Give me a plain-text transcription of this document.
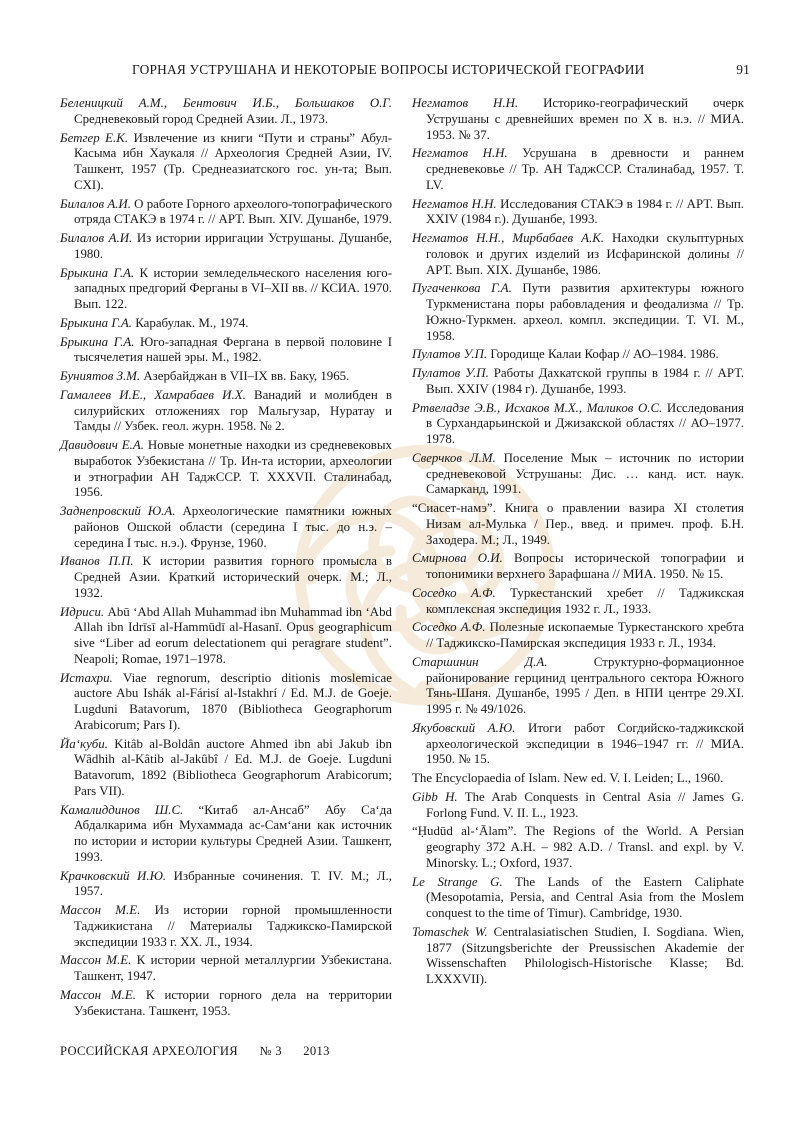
ГОРНАЯ УСТРУШАНА И НЕКОТОРЫЕ ВОПРОСЫ ИСТОРИЧЕСКОЙ ГЕОГРАФИИ	91

Беленицкий А.М., Бентович И.Б., Большаков О.Г. Средневековый город Средней Азии. Л., 1973.

Бетгер Е.К. Извлечение из книги “Пути и страны” Абул-Касыма ибн Хаукаля // Археология Средней Азии, IV. Ташкент, 1957 (Тр. Среднеазиатского гос. ун-та; Вып. CXI).

Билалов А.И. О работе Горного археолого-топографического отряда СТАКЭ в 1974 г. // АРТ. Вып. XIV. Душанбе, 1979.

Билалов А.И. Из истории ирригации Уструшаны. Душанбе, 1980.

Брыкина Г.А. К истории земледельческого населения юго-западных предгорий Ферганы в VI–XII вв. // КСИА. 1970. Вып. 122.

Брыкина Г.А. Карабулак. М., 1974.

Брыкина Г.А. Юго-западная Фергана в первой половине I тысячелетия нашей эры. М., 1982.

Буниятов З.М. Азербайджан в VII–IX вв. Баку, 1965.

Гамалеев И.Е., Хамрабаев И.Х. Ванадий и молибден в силурийских отложениях гор Мальгузар, Нуратау и Тамды // Узбек. геол. журн. 1958. № 2.

Давидович Е.А. Новые монетные находки из средневековых выработок Узбекистана // Тр. Ин-та истории, археологии и этнографии АН ТаджССР. Т. XXXVII. Сталинабад, 1956.

Заднепровский Ю.А. Археологические памятники южных районов Ошской области (середина I тыс. до н.э. – середина I тыс. н.э.). Фрунзе, 1960.

Иванов П.П. К истории развития горного промысла в Средней Азии. Краткий исторический очерк. М.; Л., 1932.

Идриси. Abū ‘Abd Allah Muhammad ibn Muhammad ibn ‘Abd Allah ibn Idrīsī al-Hammūdī al-Hasanī. Opus geographicum sive “Liber ad eorum delectationem qui peragrare student”. Neapoli; Romae, 1971–1978.

Истахри. Viae regnorum, descriptio ditionis moslemicae auctore Abu Ishák al-Fárisí al-Istakhrí / Ed. M.J. de Goeje. Lugduni Batavorum, 1870 (Bibliotheca Geographorum Arabicorum; Pars I).

Йа‘куби. Kitâb al-Boldân auctore Ahmed ibn abi Jakub ibn Wâdhih al-Kâtib al-Jakûbî / Ed. M.J. de Goeje. Lugduni Batavorum, 1892 (Bibliotheca Geographorum Arabicorum; Pars VII).

Камалиддинов Ш.С. “Китаб ал-Ансаб” Абу Са‘да Абдалкарима ибн Мухаммада ас-Сам‘ани как источник по истории и истории культуры Средней Азии. Ташкент, 1993.

Крачковский И.Ю. Избранные сочинения. Т. IV. М.; Л., 1957.

Массон М.Е. Из истории горной промышленности Таджикистана // Материалы Таджикско-Памирской экспедиции 1933 г. XX. Л., 1934.

Массон М.Е. К истории черной металлургии Узбекистана. Ташкент, 1947.

Массон М.Е. К истории горного дела на территории Узбекистана. Ташкент, 1953.

Негматов Н.Н. Историко-географический очерк Уструшаны с древнейших времен по X в. н.э. // МИА. 1953. № 37.

Негматов Н.Н. Усрушана в древности и раннем средневековье // Тр. АН ТаджССР. Сталинабад, 1957. Т. LV.

Негматов Н.Н. Исследования СТАКЭ в 1984 г. // АРТ. Вып. XXIV (1984 г.). Душанбе, 1993.

Негматов Н.Н., Мирбабаев А.К. Находки скульптурных головок и других изделий из Исфаринской долины // АРТ. Вып. XIX. Душанбе, 1986.

Пугаченкова Г.А. Пути развития архитектуры южного Туркменистана поры рабовладения и феодализма // Тр. Южно-Туркмен. археол. компл. экспедиции. Т. VI. М., 1958.

Пулатов У.П. Городище Калаи Кофар // АО–1984. 1986.

Пулатов У.П. Работы Дахкатской группы в 1984 г. // АРТ. Вып. XXIV (1984 г). Душанбе, 1993.

Ртвеладзе Э.В., Исхаков М.Х., Маликов О.С. Исследования в Сурхандарьинской и Джизакской областях // АО–1977. 1978.

Сверчков Л.М. Поселение Мык – источник по истории средневековой Уструшаны: Дис. … канд. ист. наук. Самарканд, 1991.

“Сиасет-намэ”. Книга о правлении вазира XI столетия Низам ал-Мулька / Пер., введ. и примеч. проф. Б.Н. Заходера. М.; Л., 1949.

Смирнова О.И. Вопросы исторической топографии и топонимики верхнего Зарафшана // МИА. 1950. № 15.

Соседко А.Ф. Туркестанский хребет // Таджикская комплексная экспедиция 1932 г. Л., 1933.

Соседко А.Ф. Полезные ископаемые Туркестанского хребта // Таджикско-Памирская экспедиция 1933 г. Л., 1934.

Старшинин Д.А. Структурно-формационное районирование герцинид центрального сектора Южного Тянь-Шаня. Душанбе, 1995 / Деп. в НПИ центре 29.XI. 1995 г. № 49/1026.

Якубовский А.Ю. Итоги работ Согдийско-таджикской археологической экспедиции в 1946–1947 гг. // МИА. 1950. № 15.

The Encyclopaedia of Islam. New ed. V. I. Leiden; L., 1960.

Gibb H. The Arab Conquests in Central Asia // James G. Forlong Fund. V. II. L., 1923.

“Ḥudūd al-‘Ālam”. The Regions of the World. A Persian geography 372 A.H. – 982 A.D. / Transl. and expl. by V. Minorsky. L.; Oxford, 1937.

Le Strange G. The Lands of the Eastern Caliphate (Mesopotamia, Persia, and Central Asia from the Moslem conquest to the time of Timur). Cambridge, 1930.

Tomaschek W. Centralasiatischen Studien, I. Sogdiana. Wien, 1877 (Sitzungsberichte der Preussischen Akademie der Wissenschaften Philologisch-Historische Klasse; Bd. LXXXVII).

РОССИЙСКАЯ АРХЕОЛОГИЯ № 3 2013
